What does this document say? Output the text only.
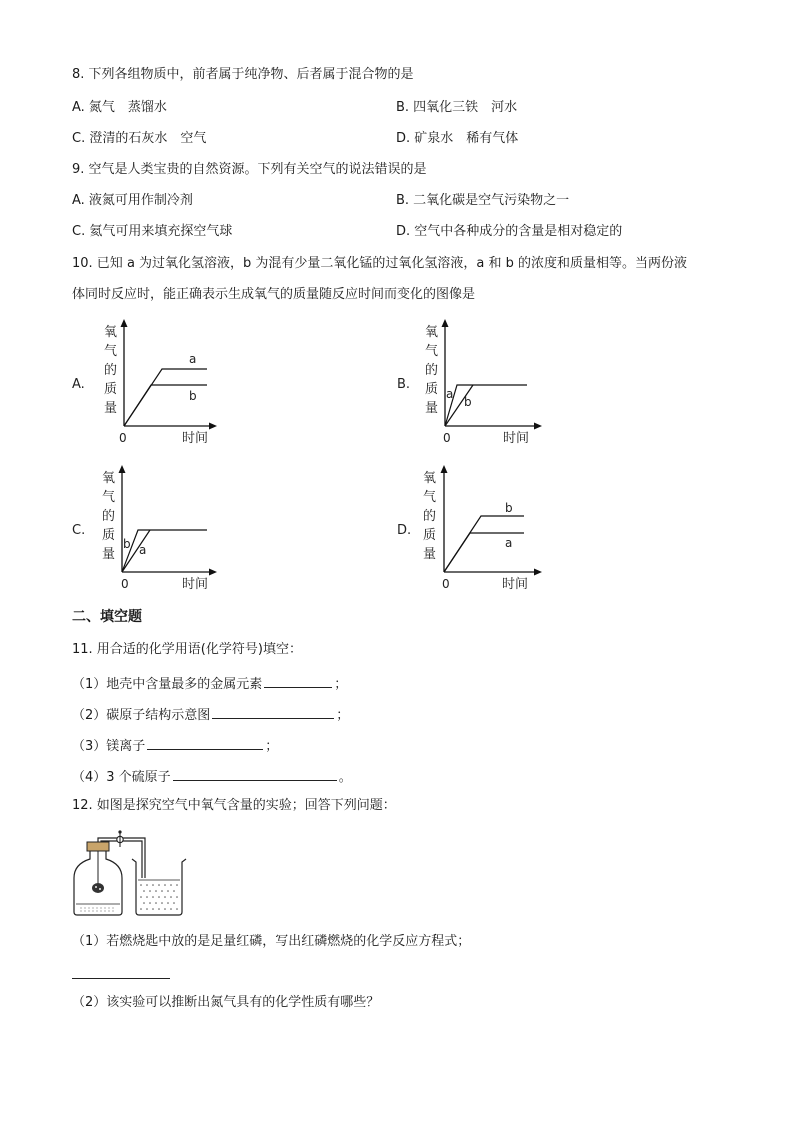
8. 下列各组物质中，前者属于纯净物、后者属于混合物的是
A. 氮气　蒸馏水	B. 四氧化三铁　河水
C. 澄清的石灰水　空气	D. 矿泉水　稀有气体
9. 空气是人类宝贵的自然资源。下列有关空气的说法错误的是
A. 液氮可用作制冷剂	B. 二氧化碳是空气污染物之一
C. 氦气可用来填充探空气球	D. 空气中各种成分的含量是相对稳定的
10. 已知 a 为过氧化氢溶液，b 为混有少量二氧化锰的过氧化氢溶液，a 和 b 的浓度和质量相等。当两份液
体同时反应时，能正确表示生成氧气的质量随反应时间而变化的图像是
A.
氧
气
的
质
量
0	时间
a
b
B.
氧
气
的
质
量
0	时间
a
b
C.
氧
气
的
质
量
0	时间
b a
D.
氧
气
的
质
量
0	时间
b
a
二、填空题
11. 用合适的化学用语(化学符号)填空：
（1）地壳中含量最多的金属元素	；
（2）碳原子结构示意图	；
（3）镁离子	；
（4）3 个硫原子	。
12. 如图是探究空气中氧气含量的实验；回答下列问题：
（1）若燃烧匙中放的是足量红磷，写出红磷燃烧的化学反应方程式；
（2）该实验可以推断出氮气具有的化学性质有哪些？
